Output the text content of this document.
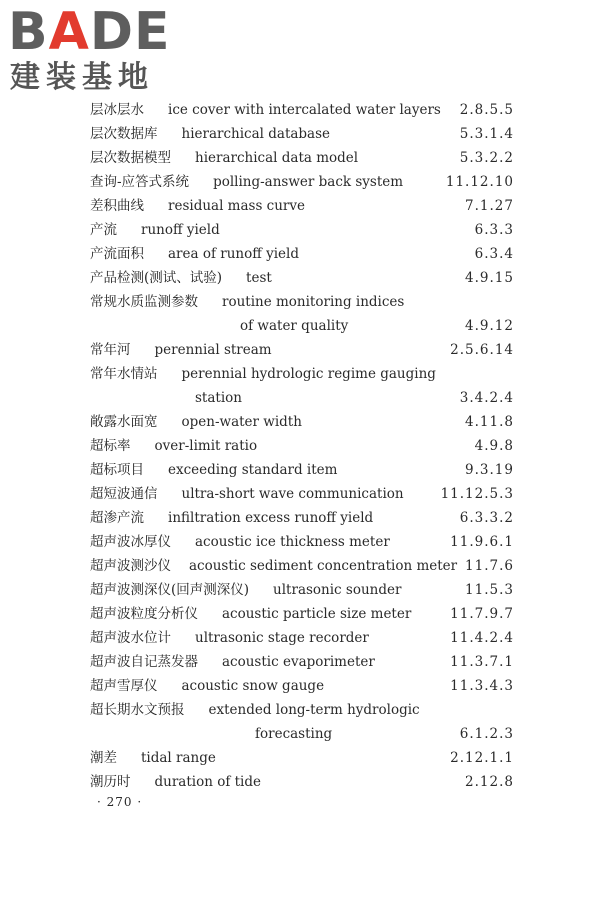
BADE
建装基地
层冰层水 ice cover with intercalated water layers 2.8.5.5
层次数据库 hierarchical database	5.3.1.4
层次数据模型 hierarchical data model	5.3.2.2
查询-应答式系统 polling-answer back system	11.12.10
差积曲线 residual mass curve	7.1.27
产流 runoff yield	6.3.3
产流面积 area of runoff yield	6.3.4
产品检测(测试、试验) test	4.9.15
常规水质监测参数 routine monitoring indices
of water quality	4.9.12
常年河 perennial stream	2.5.6.14
常年水情站 perennial hydrologic regime gauging
station	3.4.2.4
敞露水面宽 open-water width	4.11.8
超标率 over-limit ratio	4.9.8
超标项目 exceeding standard item	9.3.19
超短波通信 ultra-short wave communication	11.12.5.3
超渗产流 infiltration excess runoff yield	6.3.3.2
超声波冰厚仪 acoustic ice thickness meter	11.9.6.1
超声波测沙仪 acoustic sediment concentration meter 11.7.6
超声波测深仪(回声测深仪) ultrasonic sounder	11.5.3
超声波粒度分析仪 acoustic particle size meter	11.7.9.7
超声波水位计 ultrasonic stage recorder	11.4.2.4
超声波自记蒸发器 acoustic evaporimeter	11.3.7.1
超声雪厚仪 acoustic snow gauge	11.3.4.3
超长期水文预报 extended long-term hydrologic
forecasting	6.1.2.3
潮差 tidal range	2.12.1.1
潮历时 duration of tide	2.12.8
· 270 ·
